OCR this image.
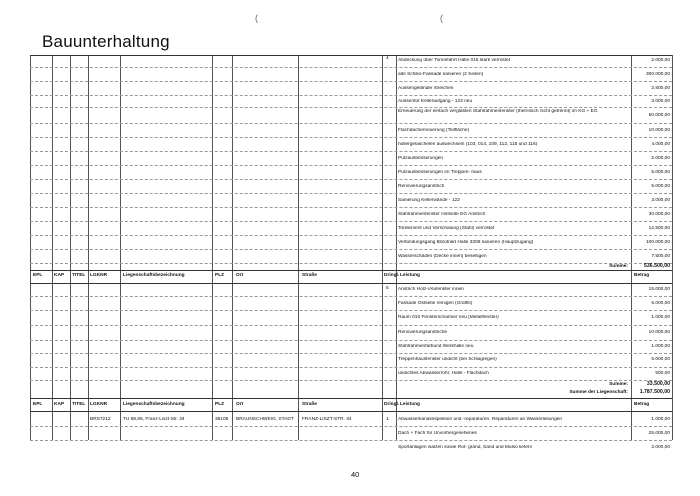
Bauunterhaltung
(	(
4 Abdeckung über Toreinfahrt Halle 015 stark verrostet	2.000,00
alte Schiko-Fassade sanieren (2 Seiten)	300.000,00
Aussengeländer streichen	2.500,00
Aussentür Kelleraufgang - 123 neu	3.000,00
Erneuerung der einfach verglasten Stahlrahmenfenster (thermisch nicht getrennt) im KG + EG
50.000,00
Flachdacherneuerung (Teilfläche)	10.000,00
hollergelaschelen auswechseln (103, 014, 109, 112, 115 und 116)	4.000,00
Putzausbesserungen	2.000,00
Putzausbesserungen im Treppen- haus	5.000,00
Renovierungsanstrich	5.000,00
Sanierung Kellerwände - 122	3.000,00
Stahlrahmenfenster Hofseite EG Anstrich	30.000,00
Torelement und Verschalung (Stahl) verrostet	12.500,00
Verbindungsgang Bürotrakt Halle 3308 sanieren (Hauptzugang)	100.000,00
Wasserschäden (Decke innen) beseitigen	7.500,00
Summe:	536.500,00
EPL KAP TITEL LGKNR	Liegenschaftsbezeichnung	PLZ Ort	Straße	Dringl. Leistung	Betrag
5 Anstrich Holz-/Alufenster innen	15.000,00
Fassade Ostseite reinigen (Graffiti)	5.000,00
Raum 010 Fensterscharnier neu (Metallfenster)	1.000,00
Renovierungsanstriche	10.000,00
Stahlrahmenfarbund Werkhalle neu	1.000,00
Treppenhausfenster undicht (bei Schlagregen)	5.000,00
undichtes Abwasserrohr, Halle - Flachdach	500,00
Summe:	33.500,00
Summe der Liegenschaft:	1.787.500,00
EPL KAP TITEL LGKNR	Liegenschaftsbezeichnung	PLZ Ort	Straße	Dringl. Leistung	Betrag
BRS7212	TU 85,85, Franz-Liszt-Str. 34	38106 BRAUNSCHWEIG, STADT	FRANZ-LISZT-STR. 34	1 Abwasserkanalinspektion und -reparaturen, Reparaturen an Wasserleitungen	1.000,00
Dach + Fach für Unvorhergesehenes	25.000,00
Sportanlagen walzen sowie Rot- grand, Sand und Mulso liefern	2.000,00
40
